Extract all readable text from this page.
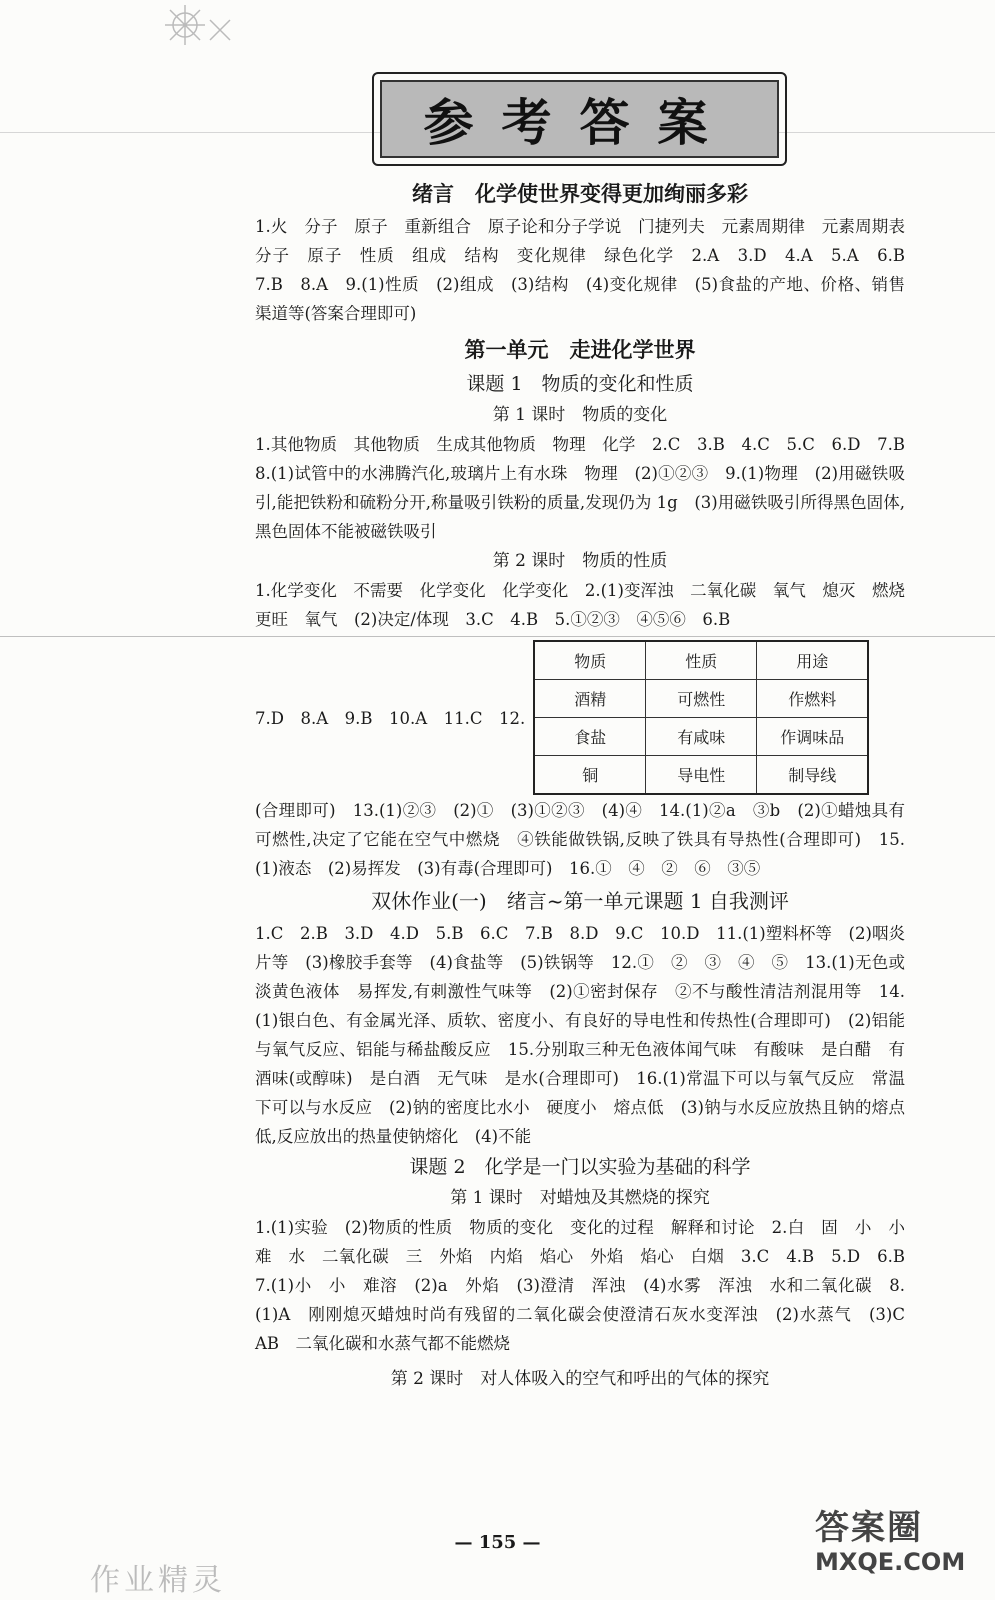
参考答案
绪言　化学使世界变得更加绚丽多彩

1.火　分子　原子　重新组合　原子论和分子学说　门捷列夫　元素周期律　元素周期表　分子　原子　性质　组成　结构　变化规律　绿色化学　2.A　3.D　4.A　5.A　6.B　7.B　8.A　9.(1)性质　(2)组成　(3)结构　(4)变化规律　(5)食盐的产地、价格、销售渠道等(答案合理即可)

第一单元　走进化学世界
课题 1　物质的变化和性质
第 1 课时　物质的变化

1.其他物质　其他物质　生成其他物质　物理　化学　2.C　3.B　4.C　5.C　6.D　7.B　8.(1)试管中的水沸腾汽化,玻璃片上有水珠　物理　(2)①②③　9.(1)物理　(2)用磁铁吸引,能把铁粉和硫粉分开,称量吸引铁粉的质量,发现仍为 1g　(3)用磁铁吸引所得黑色固体,黑色固体不能被磁铁吸引

第 2 课时　物质的性质

1.化学变化　不需要　化学变化　化学变化　2.(1)变浑浊　二氧化碳　氧气　熄灭　燃烧更旺　氧气　(2)决定/体现　3.C　4.B　5.①②③　④⑤⑥　6.B

7.D　8.A　9.B　10.A　11.C　12.
物质	性质	用途
酒精	可燃性	作燃料
食盐	有咸味	作调味品
铜	导电性	制导线

(合理即可)　13.(1)②③　(2)①　(3)①②③　(4)④　14.(1)②a　③b　(2)①蜡烛具有可燃性,决定了它能在空气中燃烧　④铁能做铁锅,反映了铁具有导热性(合理即可)　15.(1)液态　(2)易挥发　(3)有毒(合理即可)　16.①　④　②　⑥　③⑤

双休作业(一)　绪言~第一单元课题 1 自我测评

1.C　2.B　3.D　4.D　5.B　6.C　7.B　8.D　9.C　10.D　11.(1)塑料杯等　(2)咽炎片等　(3)橡胶手套等　(4)食盐等　(5)铁锅等　12.①　②　③　④　⑤　13.(1)无色或淡黄色液体　易挥发,有刺激性气味等　(2)①密封保存　②不与酸性清洁剂混用等　14.(1)银白色、有金属光泽、质软、密度小、有良好的导电性和传热性(合理即可)　(2)铝能与氧气反应、铝能与稀盐酸反应　15.分别取三种无色液体闻气味　有酸味　是白醋　有酒味(或醇味)　是白酒　无气味　是水(合理即可)　16.(1)常温下可以与氧气反应　常温下可以与水反应　(2)钠的密度比水小　硬度小　熔点低　(3)钠与水反应放热且钠的熔点低,反应放出的热量使钠熔化　(4)不能

课题 2　化学是一门以实验为基础的科学
第 1 课时　对蜡烛及其燃烧的探究

1.(1)实验　(2)物质的性质　物质的变化　变化的过程　解释和讨论　2.白　固　小　小　难　水　二氧化碳　三　外焰　内焰　焰心　外焰　焰心　白烟　3.C　4.B　5.D　6.B　7.(1)小　小　难溶　(2)a　外焰　(3)澄清　浑浊　(4)水雾　浑浊　水和二氧化碳　8.(1)A　刚刚熄灭蜡烛时尚有残留的二氧化碳会使澄清石灰水变浑浊　(2)水蒸气　(3)C　AB　二氧化碳和水蒸气都不能燃烧

第 2 课时　对人体吸入的空气和呼出的气体的探究
— 155 —
作业精灵
答案圈
MXQE.COM
